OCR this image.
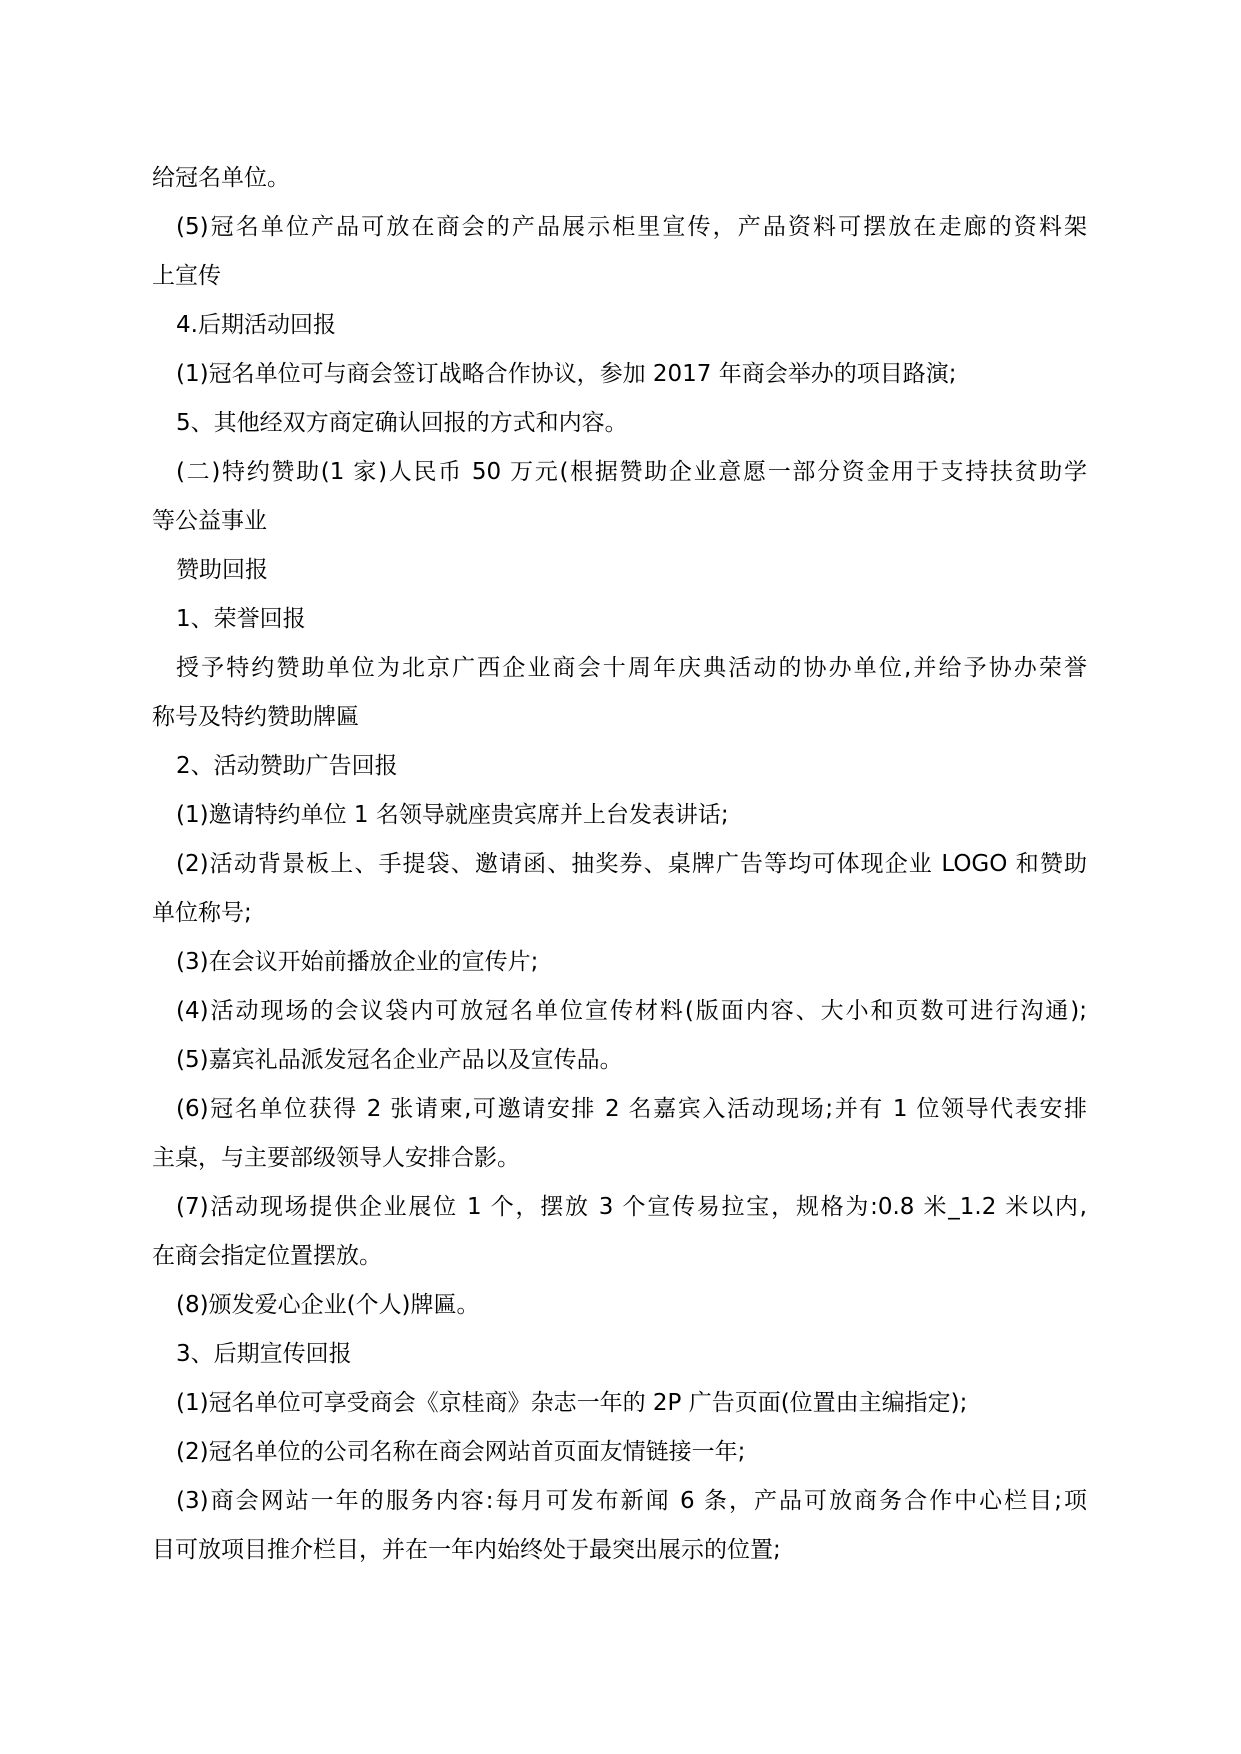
给冠名单位。
(5)冠名单位产品可放在商会的产品展示柜里宣传，产品资料可摆放在走廊的资料架
上宣传
4.后期活动回报
(1)冠名单位可与商会签订战略合作协议，参加 2017 年商会举办的项目路演;
5、其他经双方商定确认回报的方式和内容。
(二)特约赞助(1 家)人民币 50 万元(根据赞助企业意愿一部分资金用于支持扶贫助学
等公益事业
赞助回报
1、荣誉回报
授予特约赞助单位为北京广西企业商会十周年庆典活动的协办单位,并给予协办荣誉
称号及特约赞助牌匾
2、活动赞助广告回报
(1)邀请特约单位 1 名领导就座贵宾席并上台发表讲话;
(2)活动背景板上、手提袋、邀请函、抽奖券、桌牌广告等均可体现企业 LOGO 和赞助
单位称号;
(3)在会议开始前播放企业的宣传片;
(4)活动现场的会议袋内可放冠名单位宣传材料(版面内容、大小和页数可进行沟通);
(5)嘉宾礼品派发冠名企业产品以及宣传品。
(6)冠名单位获得 2 张请柬,可邀请安排 2 名嘉宾入活动现场;并有 1 位领导代表安排
主桌，与主要部级领导人安排合影。
(7)活动现场提供企业展位 1 个，摆放 3 个宣传易拉宝，规格为:0.8 米_1.2 米以内,
在商会指定位置摆放。
(8)颁发爱心企业(个人)牌匾。
3、后期宣传回报
(1)冠名单位可享受商会《京桂商》杂志一年的 2P 广告页面(位置由主编指定);
(2)冠名单位的公司名称在商会网站首页面友情链接一年;
(3)商会网站一年的服务内容:每月可发布新闻 6 条，产品可放商务合作中心栏目;项
目可放项目推介栏目，并在一年内始终处于最突出展示的位置;
